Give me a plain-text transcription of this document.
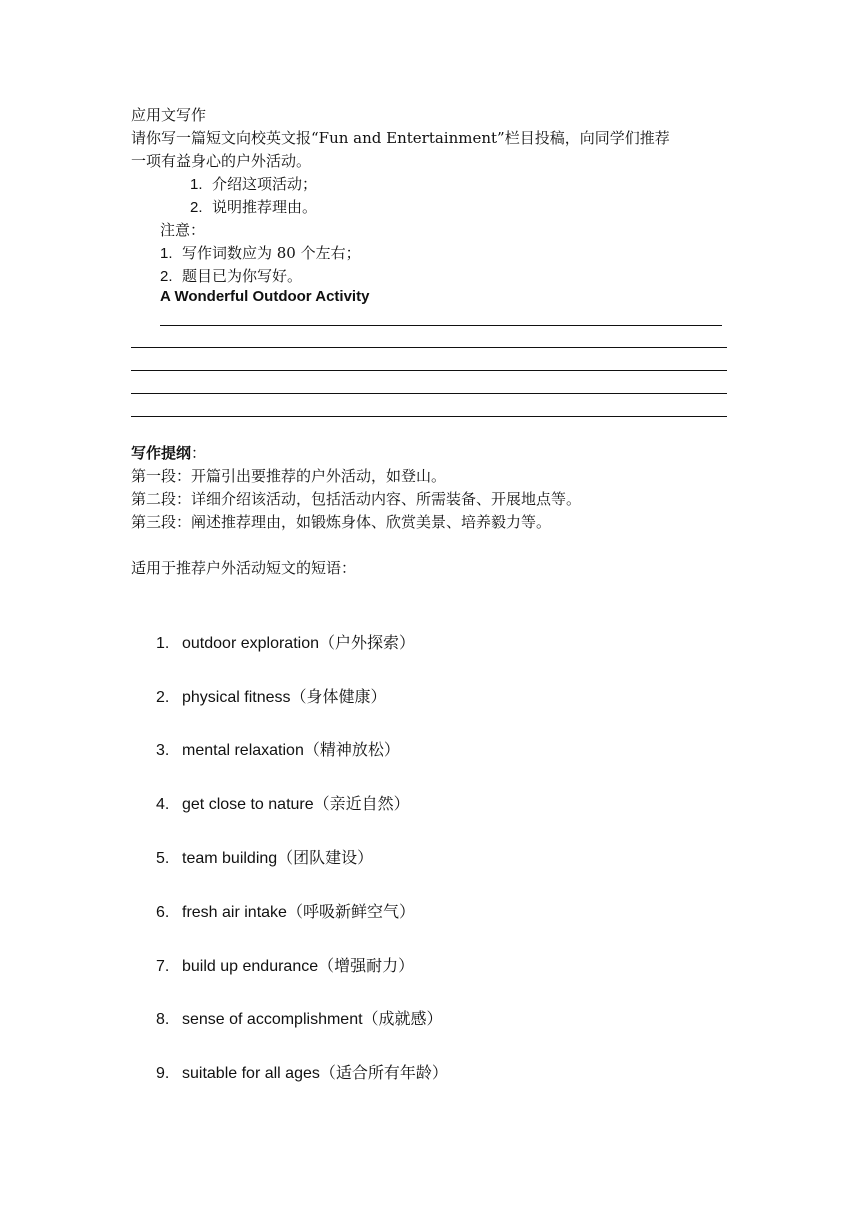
应用文写作
请你写一篇短文向校英文报“Fun and Entertainment”栏目投稿，向同学们推荐
一项有益身心的户外活动。
1. 介绍这项活动；
2. 说明推荐理由。
注意：
1. 写作词数应为 80 个左右；
2. 题目已为你写好。
A Wonderful Outdoor Activity
写作提纲：
第一段：开篇引出要推荐的户外活动，如登山。
第二段：详细介绍该活动，包括活动内容、所需装备、开展地点等。
第三段：阐述推荐理由，如锻炼身体、欣赏美景、培养毅力等。
适用于推荐户外活动短文的短语：
1. outdoor exploration（户外探索）
2. physical fitness（身体健康）
3. mental relaxation（精神放松）
4. get close to nature（亲近自然）
5. team building（团队建设）
6. fresh air intake（呼吸新鲜空气）
7. build up endurance（增强耐力）
8. sense of accomplishment（成就感）
9. suitable for all ages（适合所有年龄）
